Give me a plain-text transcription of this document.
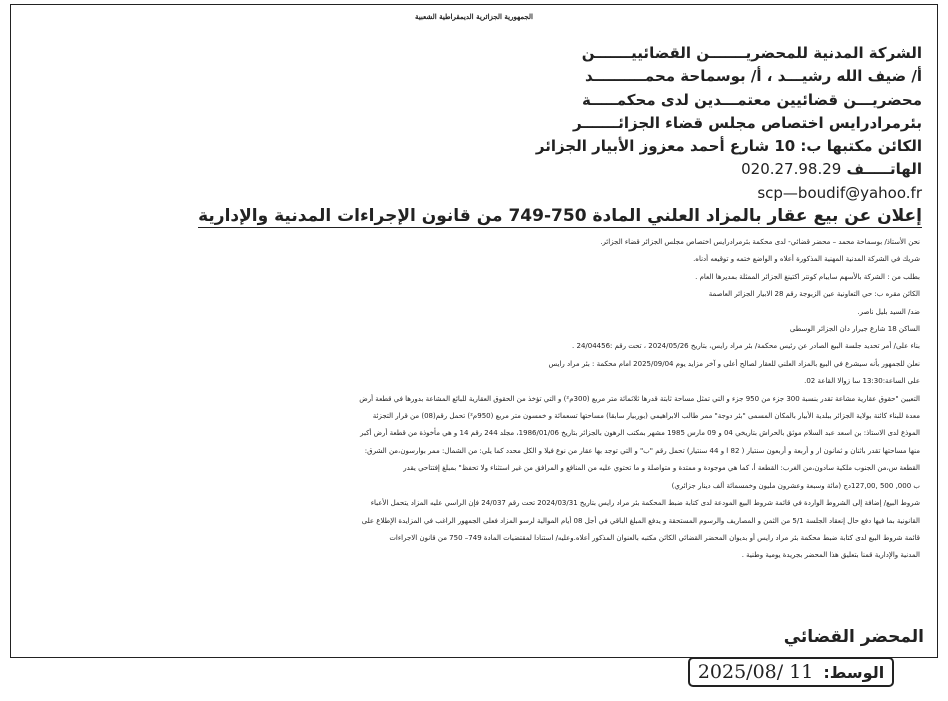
الجمهورية الجزائرية الديمقراطية الشعبية
الشركة المدنية للمحضريـــــــن القضائييـــــــن
أ/ ضيف الله رشيـــد ، أ/ بوسماحة محمــــــــــد
محضريـــن قضائيين معتمـــدين لدى محكمـــــة
بئرمرادرايس اختصاص مجلس قضاء الجزائـــــــر
الكائن مكتبها ب: 10 شارع أحمد معزوز الأبيار الجزائر
الهاتـــــف 020.27.98.29
scp—boudif@yahoo.fr
إعلان عن بيع عقار بالمزاد العلني المادة 750-749 من قانون الإجراءات المدنية والإدارية

نحن الأستاذ/ بوسماحة محمد – محضر قضائي- لدى محكمة بئرمرادرايس اختصاص مجلس الجزائر قضاء الجزائر.

شريك في الشركة المدنية المهنية المذكورة أعلاه و الواضع ختمه و توقيعه أدناه.

بطلب من : الشركة بالأسهم سايبام كونتر اكتينغ الجزائر الممثلة بمديرها العام .

الكائن مقره ب: حي التعاونية عين الزبوجة رقم 28 الابيار الجزائر العاصمة

ضد/ السيد بليل ناصر.

الساكن 18 شارع جيرار دان الجزائر الوسطى

بناء على/ أمر تحديد جلسة البيع الصادر عن رئيس محكمة/ بئر مراد رايس، بتاريخ 2024/05/26 ، تحت رقم :24/04456 .

نعلن للجمهور بأنه سيشرع في البيع بالمزاد العلني للعقار لصالح أعلى و آخر مزايد يوم 2025/09/04 امام محكمة : بئر مراد رايس

على الساعة:13:30 سا زوالا القاعة 02.

التعيين "حقوق عقارية مشاعة تقدر بنسبة 300 جزء من 950 جزء و التي تمثل مساحة ثابتة قدرها ثلاثمائة متر مربع (300م²) و التي تؤخذ من الحقوق العقارية للبائع المشاعة بدورها في قطعة أرض

معدة للبناء كائنة بولاية الجزائر ببلدية الأبيار بالمكان المسمى "بئر دوجة" ممر طالب الابراهيمي (بوربيار سابقا) مساحتها تسعمائة و خمسون متر مربع (950م²) تحمل رقم(08) من قرار التجزئة

الموذع لدى الاستاذ: بن اسعد عبد السلام موثق بالحراش بتاريخي 04 و 09 مارس 1985 مشهر بمكتب الرهون بالجزائر بتاريخ 1986/01/06، مجلد 244 رقم 14 و هي مأخوذة من قطعة أرض أكبر

منها مساحتها تقدر باثنان و ثمانون ار و أربعة و أربعون سنتيار ( 82 ا و 44 سنتيار) تحمل رقم "ب" و التي توجد بها عقار من نوع فيلا و الكل محدد كما يلي: من الشمال: ممر بوارسون،من الشرق:

القطعة س،من الجنوب ملكية سادون،من الغرب: القطعة أ، كما هي موجودة و ممتدة و متواصلة و ما تحتوي عليه من المنافع و المرافق من غير استثناء ولا تحفظ" بمبلغ إفتتاحي يقدر

ب 000, 500 ,127,00دج (مائة وسبعة وعشرون مليون وخمسمائة ألف دينار جزائري)

شروط البيع/ إضافة إلى الشروط الواردة في قائمة شروط البيع المودعة لدى كتابة ضبط المحكمة بئر مراد رايس بتاريخ 2024/03/31 تحت رقم 24/037 فإن الراسي عليه المزاد يتحمل الأعباء

القانونية بما فيها دفع حال إنعقاد الجلسة 5/1 من الثمن و المصاريف والرسوم المستحقة و يدفع المبلغ الباقي في أجل 08 أيام الموالية لرسو المزاد فعلى الجمهور الراغب في المزايدة الإطلاع على

قائمة شروط البيع لدى كتابة ضبط محكمة بئر مراد رايس أو بديوان المحضر القضائي الكائن مكتبه بالعنوان المذكور أعلاه.وعليه/ استنادا لمقتضيات المادة 749– 750 من قانون الاجراءات

المدنية والإدارية قمنا بتعليق هذا المحضر بجريدة يومية وطنية .

المحضر القضائي
الوسط:
2025/08/ 11
